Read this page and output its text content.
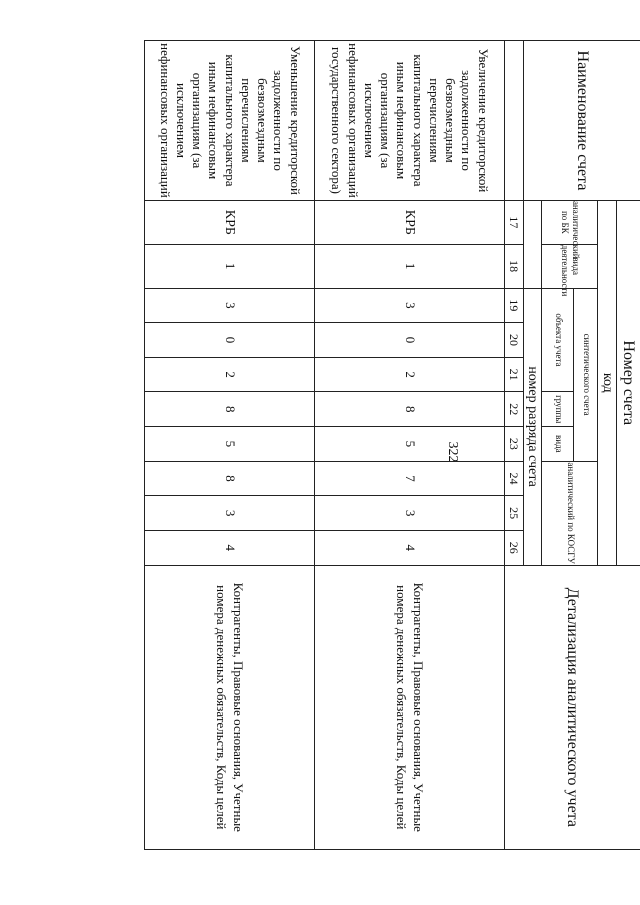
322
Наименование счета	Номер счета										Детализация аналитического учета
	код										
	аналитический по БК	вида деятельности	синтетического счета					аналитический по КОСГУ			
			объекта учета			группы	вида				
			номер разряда счета								
	17	18	19	20	21	22	23	24	25	26	
Увеличение кредиторской задолженности по безвозмездным перечислениям капитального характера иным нефинансовым организациям (за исключением нефинансовых организаций государственного сектора)	КРБ	1	3	0	2	8	5	7	3	4	Контрагенты, Правовые основания, Учетные номера денежных обязательств, Коды целей
Уменьшение кредиторской задолженности по безвозмездным перечислениям капитального характера иным нефинансовым организациям (за исключением нефинансовых организаций	КРБ	1	3	0	2	8	5	8	3	4	Контрагенты, Правовые основания, Учетные номера денежных обязательств, Коды целей
